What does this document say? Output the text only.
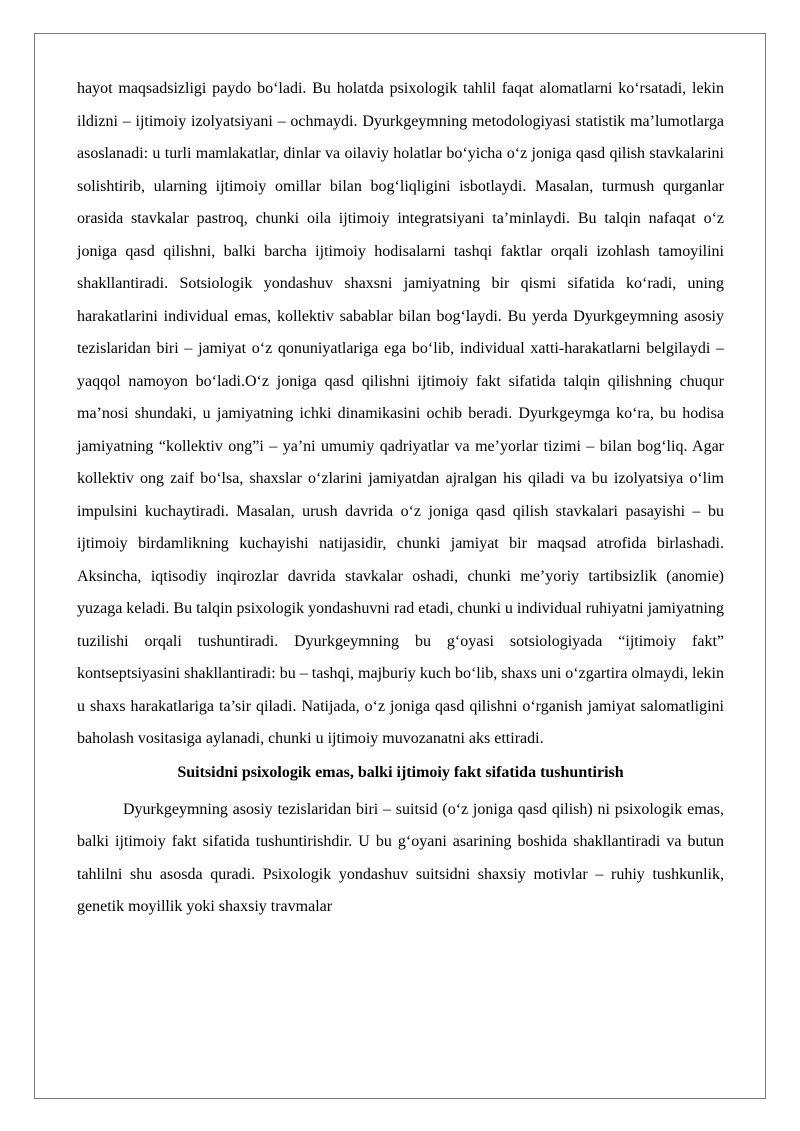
hayot maqsadsizligi paydo bo‘ladi. Bu holatda psixologik tahlil faqat alomatlarni ko‘rsatadi, lekin ildizni – ijtimoiy izolyatsiyani – ochmaydi. Dyurkgeymning metodologiyasi statistik ma’lumotlarga asoslanadi: u turli mamlakatlar, dinlar va oilaviy holatlar bo‘yicha o‘z joniga qasd qilish stavkalarini solishtirib, ularning ijtimoiy omillar bilan bog‘liqligini isbotlaydi. Masalan, turmush qurganlar orasida stavkalar pastroq, chunki oila ijtimoiy integratsiyani ta’minlaydi. Bu talqin nafaqat o‘z joniga qasd qilishni, balki barcha ijtimoiy hodisalarni tashqi faktlar orqali izohlash tamoyilini shakllantiradi. Sotsiologik yondashuv shaxsni jamiyatning bir qismi sifatida ko‘radi, uning harakatlarini individual emas, kollektiv sabablar bilan bog‘laydi. Bu yerda Dyurkgeymning asosiy tezislaridan biri – jamiyat o‘z qonuniyatlariga ega bo‘lib, individual xatti-harakatlarni belgilaydi – yaqqol namoyon bo‘ladi.O‘z joniga qasd qilishni ijtimoiy fakt sifatida talqin qilishning chuqur ma’nosi shundaki, u jamiyatning ichki dinamikasini ochib beradi. Dyurkgeymga ko‘ra, bu hodisa jamiyatning “kollektiv ong”i – ya’ni umumiy qadriyatlar va me’yorlar tizimi – bilan bog‘liq. Agar kollektiv ong zaif bo‘lsa, shaxslar o‘zlarini jamiyatdan ajralgan his qiladi va bu izolyatsiya o‘lim impulsini kuchaytiradi. Masalan, urush davrida o‘z joniga qasd qilish stavkalari pasayishi – bu ijtimoiy birdamlikning kuchayishi natijasidir, chunki jamiyat bir maqsad atrofida birlashadi. Aksincha, iqtisodiy inqirozlar davrida stavkalar oshadi, chunki me’yoriy tartibsizlik (anomie) yuzaga keladi. Bu talqin psixologik yondashuvni rad etadi, chunki u individual ruhiyatni jamiyatning tuzilishi orqali tushuntiradi. Dyurkgeymning bu g‘oyasi sotsiologiyada “ijtimoiy fakt” kontseptsiyasini shakllantiradi: bu – tashqi, majburiy kuch bo‘lib, shaxs uni o‘zgartira olmaydi, lekin u shaxs harakatlariga ta’sir qiladi. Natijada, o‘z joniga qasd qilishni o‘rganish jamiyat salomatligini baholash vositasiga aylanadi, chunki u ijtimoiy muvozanatni aks ettiradi.

Suitsidni psixologik emas, balki ijtimoiy fakt sifatida tushuntirish

Dyurkgeymning asosiy tezislaridan biri – suitsid (o‘z joniga qasd qilish) ni psixologik emas, balki ijtimoiy fakt sifatida tushuntirishdir. U bu g‘oyani asarining boshida shakllantiradi va butun tahlilni shu asosda quradi. Psixologik yondashuv suitsidni shaxsiy motivlar – ruhiy tushkunlik, genetik moyillik yoki shaxsiy travmalar
